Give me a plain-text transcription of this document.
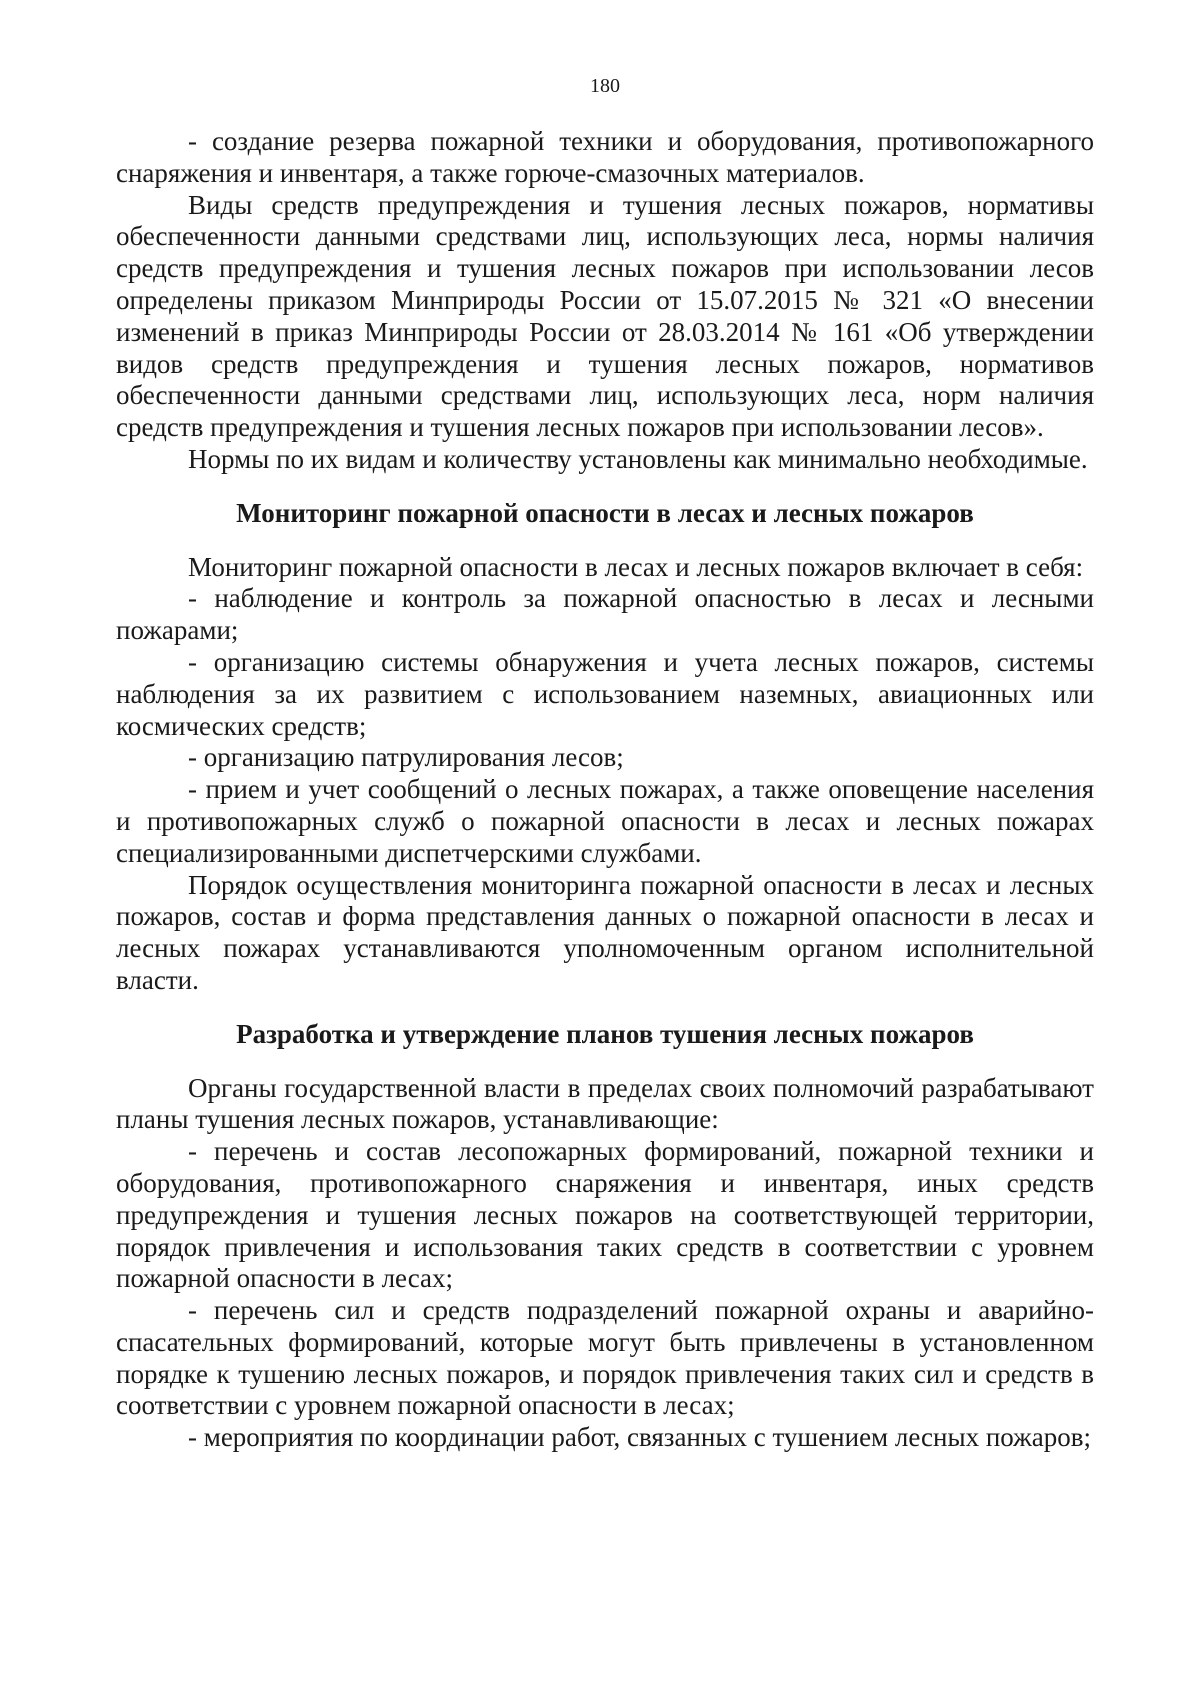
180

- создание резерва пожарной техники и оборудования, противопожарного снаряжения и инвентаря, а также горюче-смазочных материалов.

Виды средств предупреждения и тушения лесных пожаров, нормативы обеспеченности данными средствами лиц, использующих леса, нормы наличия средств предупреждения и тушения лесных пожаров при использовании лесов определены приказом Минприроды России от 15.07.2015 № 321 «О внесении изменений в приказ Минприроды России от 28.03.2014 № 161 «Об утверждении видов средств предупреждения и тушения лесных пожаров, нормативов обеспеченности данными средствами лиц, использующих леса, норм наличия средств предупреждения и тушения лесных пожаров при использовании лесов».

Нормы по их видам и количеству установлены как минимально необходимые.

Мониторинг пожарной опасности в лесах и лесных пожаров

Мониторинг пожарной опасности в лесах и лесных пожаров включает в себя:

- наблюдение и контроль за пожарной опасностью в лесах и лесными пожарами;

- организацию системы обнаружения и учета лесных пожаров, системы наблюдения за их развитием с использованием наземных, авиационных или космических средств;

- организацию патрулирования лесов;

- прием и учет сообщений о лесных пожарах, а также оповещение населения и противопожарных служб о пожарной опасности в лесах и лесных пожарах специализированными диспетчерскими службами.

Порядок осуществления мониторинга пожарной опасности в лесах и лесных пожаров, состав и форма представления данных о пожарной опасности в лесах и лесных пожарах устанавливаются уполномоченным органом исполнительной власти.

Разработка и утверждение планов тушения лесных пожаров

Органы государственной власти в пределах своих полномочий разрабатывают планы тушения лесных пожаров, устанавливающие:

- перечень и состав лесопожарных формирований, пожарной техники и оборудования, противопожарного снаряжения и инвентаря, иных средств предупреждения и тушения лесных пожаров на соответствующей территории, порядок привлечения и использования таких средств в соответствии с уровнем пожарной опасности в лесах;

- перечень сил и средств подразделений пожарной охраны и аварийно-спасательных формирований, которые могут быть привлечены в установленном порядке к тушению лесных пожаров, и порядок привлечения таких сил и средств в соответствии с уровнем пожарной опасности в лесах;

- мероприятия по координации работ, связанных с тушением лесных пожаров;
